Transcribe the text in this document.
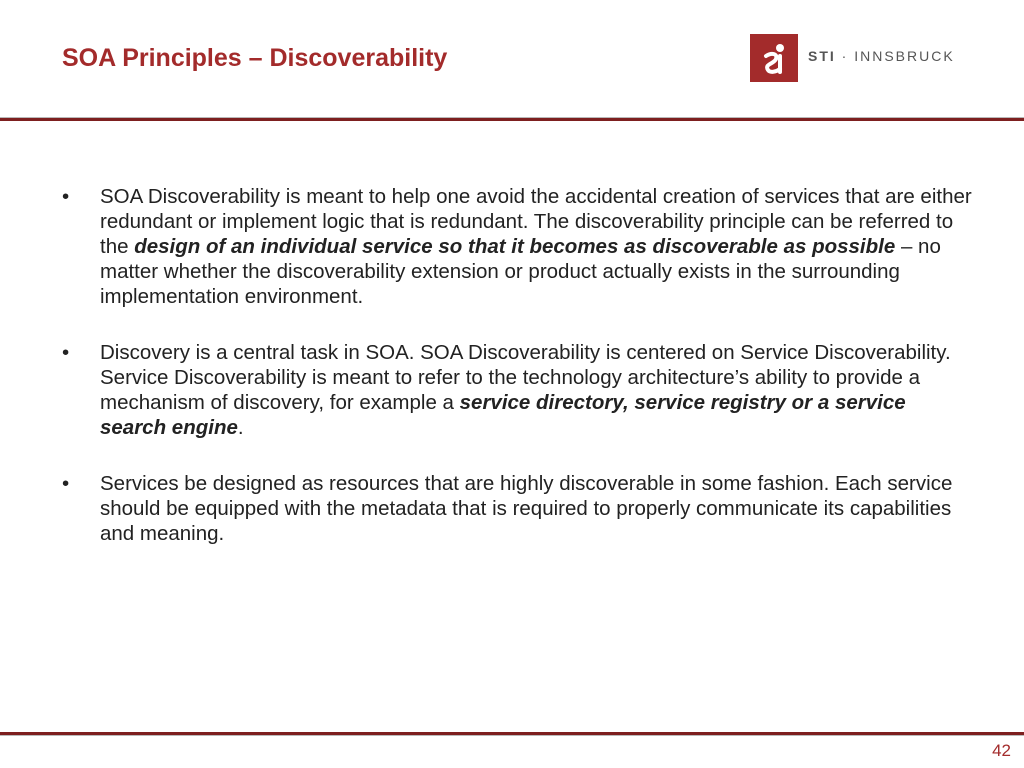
SOA Principles – Discoverability	STI · INNSBRUCK
•	SOA Discoverability is meant to help one avoid the accidental creation of services that are either redundant or implement logic that is redundant. The discoverability principle can be referred to the design of an individual service so that it becomes as discoverable as possible – no matter whether the discoverability extension or product actually exists in the surrounding implementation environment.
•	Discovery is a central task in SOA. SOA Discoverability is centered on Service Discoverability. Service Discoverability is meant to refer to the technology architecture’s ability to provide a mechanism of discovery, for example a service directory, service registry or a service search engine.
•	Services be designed as resources that are highly discoverable in some fashion. Each service should be equipped with the metadata that is required to properly communicate its capabilities and meaning.
42
